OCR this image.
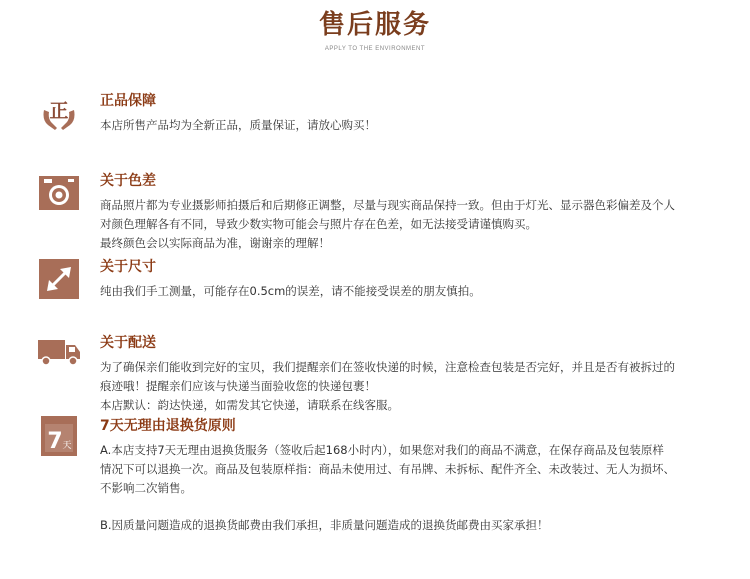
售后服务
APPLY TO THE ENVIRONMENT
正 正品保障
本店所售产品均为全新正品，质量保证，请放心购买！
关于色差
商品照片都为专业摄影师拍摄后和后期修正调整，尽量与现实商品保持一致。但由于灯光、显示器色彩偏差及个人
对颜色理解各有不同，导致少数实物可能会与照片存在色差，如无法接受请谨慎购买。
最终颜色会以实际商品为准，谢谢亲的理解！
关于尺寸
纯由我们手工测量，可能存在0.5cm的误差，请不能接受误差的朋友慎拍。
关于配送
为了确保亲们能收到完好的宝贝，我们提醒亲们在签收快递的时候，注意检查包装是否完好，并且是否有被拆过的
痕迹哦！提醒亲们应该与快递当面验收您的快递包裹！
本店默认：韵达快递，如需发其它快递，请联系在线客服。
7 天
7天无理由退换货原则
A.本店支持7天无理由退换货服务（签收后起168小时内），如果您对我们的商品不满意，在保存商品及包装原样
情况下可以退换一次。商品及包装原样指：商品未使用过、有吊牌、未拆标、配件齐全、未改装过、无人为损坏、
不影响二次销售。
B.因质量问题造成的退换货邮费由我们承担，非质量问题造成的退换货邮费由买家承担！
